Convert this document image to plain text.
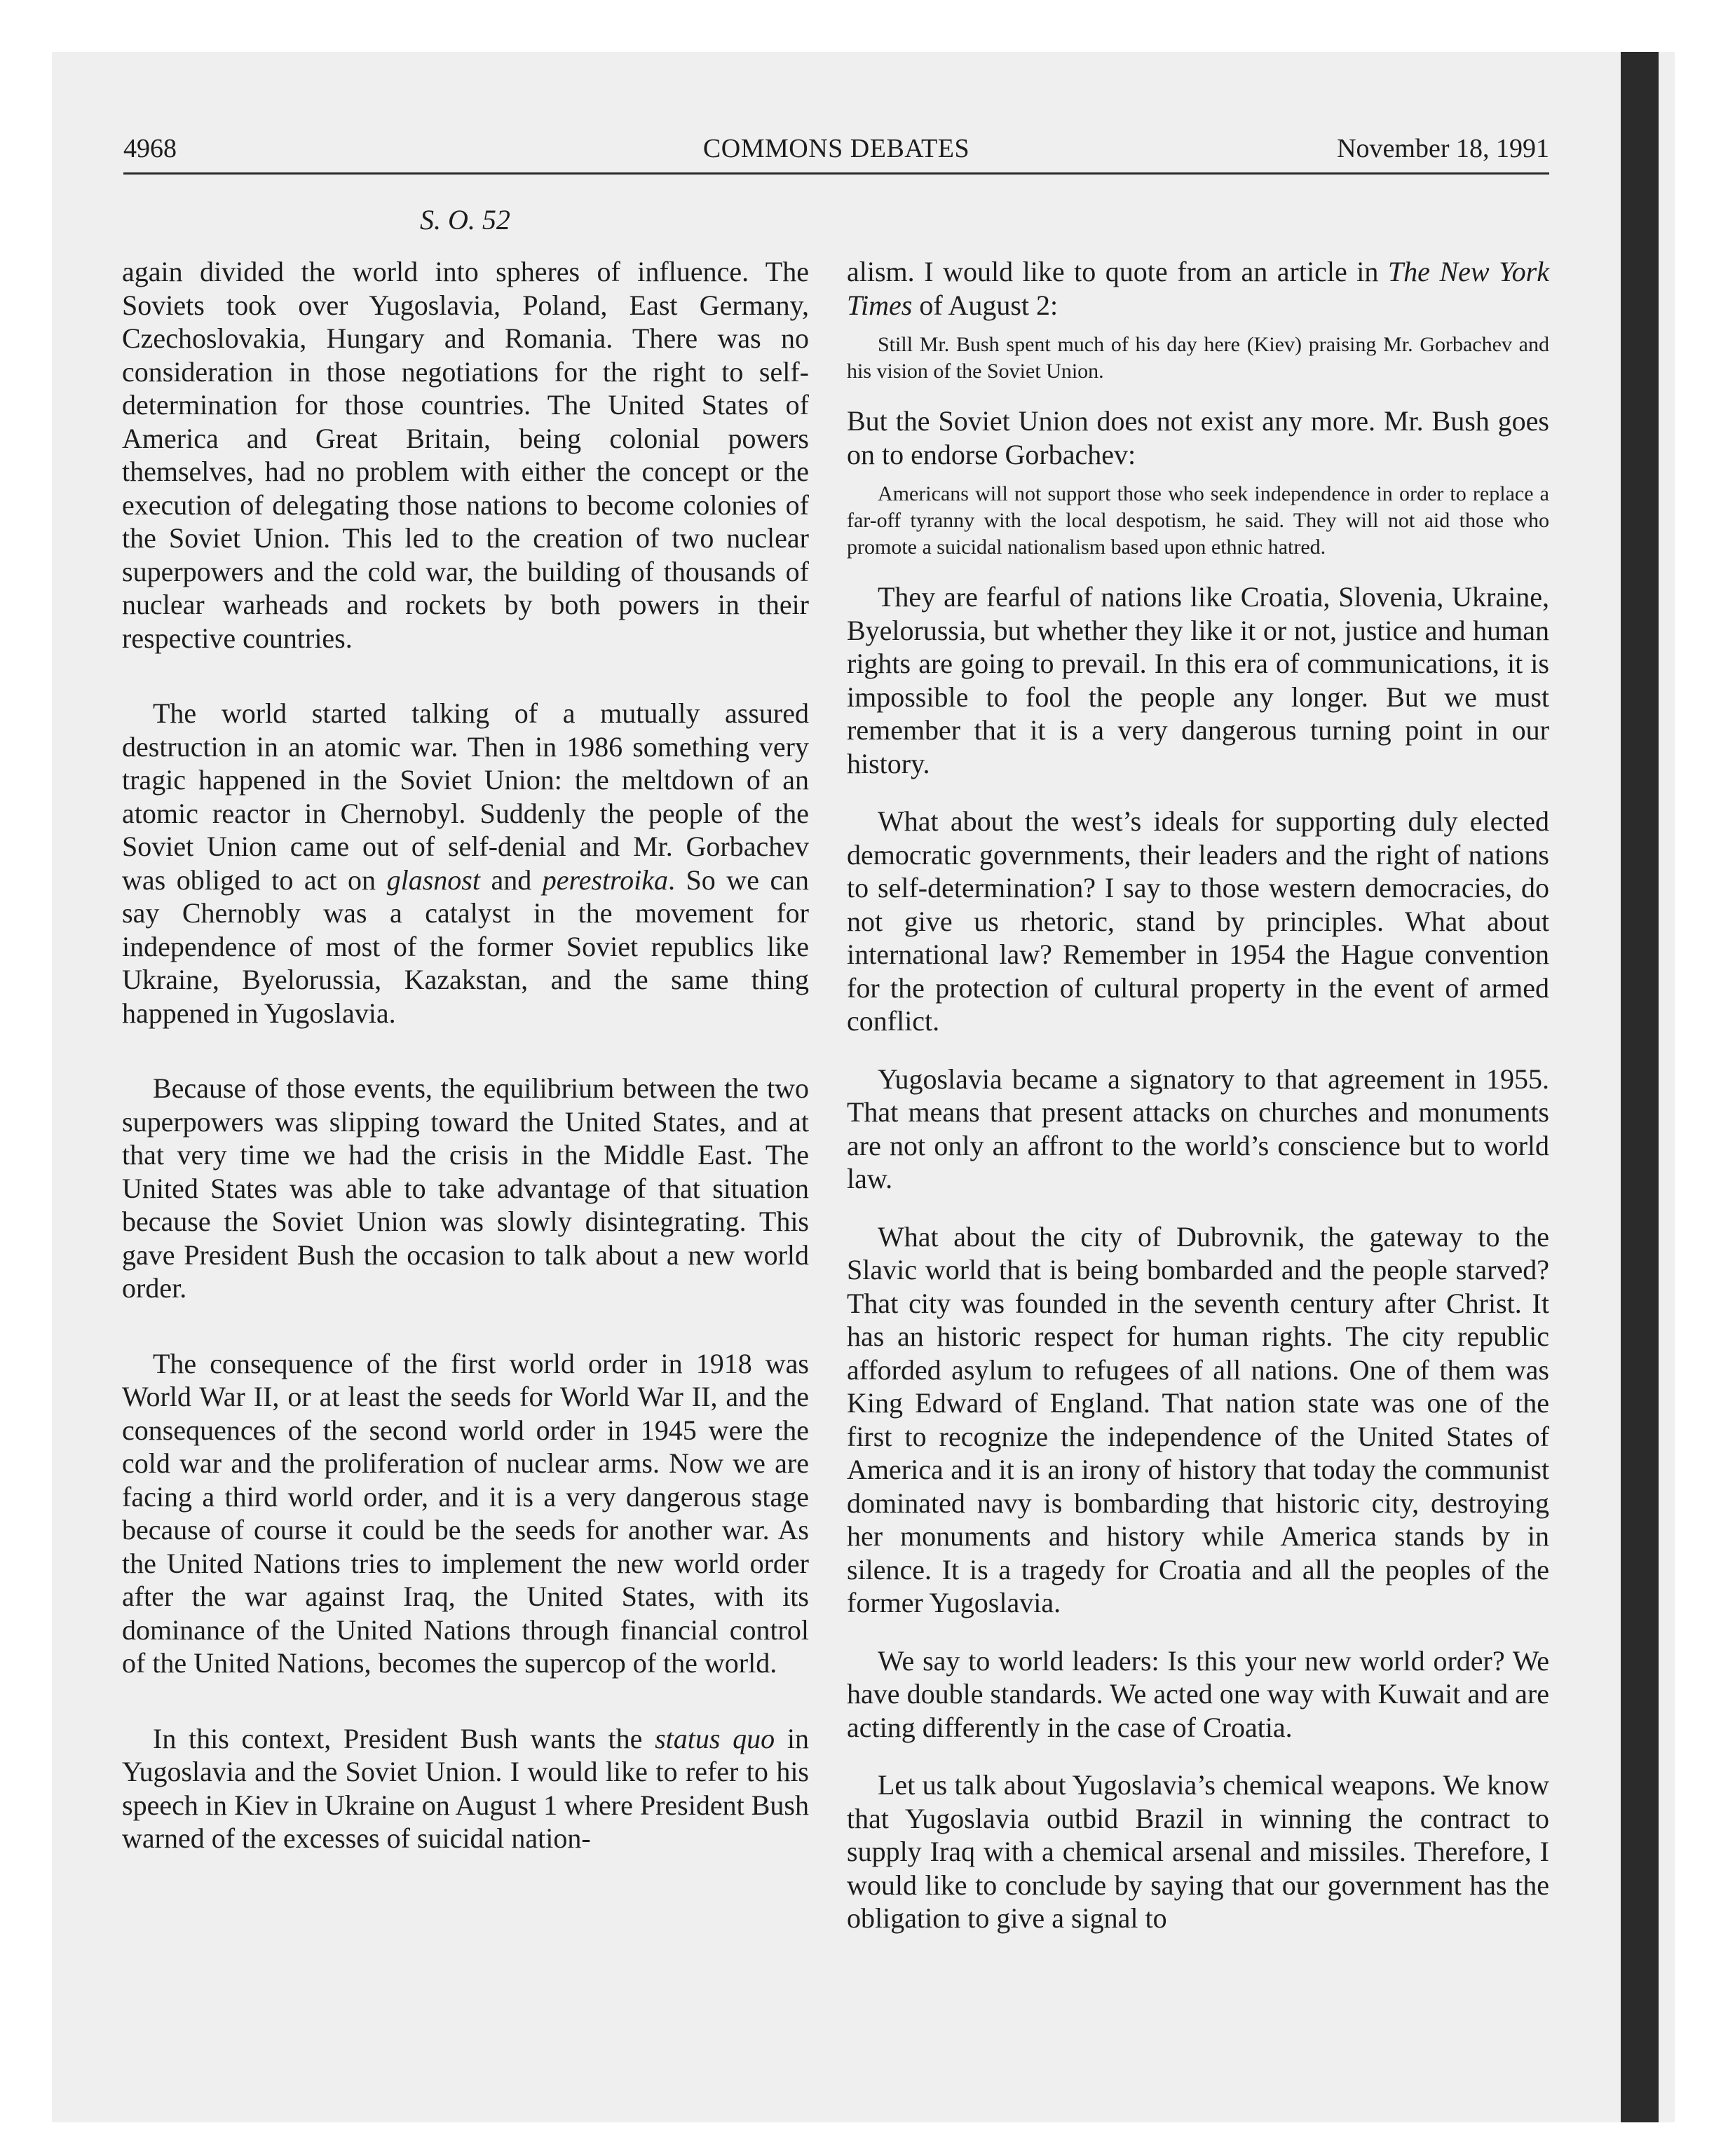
4968	COMMONS DEBATES	November 18, 1991
S. O. 52

again divided the world into spheres of influence. The Soviets took over Yugoslavia, Poland, East Germany, Czechoslovakia, Hungary and Romania. There was no consideration in those negotiations for the right to self-determination for those countries. The United States of America and Great Britain, being colonial powers themselves, had no problem with either the concept or the execution of delegating those nations to become colonies of the Soviet Union. This led to the creation of two nuclear superpowers and the cold war, the building of thousands of nuclear warheads and rockets by both powers in their respective countries.

The world started talking of a mutually assured destruction in an atomic war. Then in 1986 something very tragic happened in the Soviet Union: the meltdown of an atomic reactor in Chernobyl. Suddenly the people of the Soviet Union came out of self-denial and Mr. Gorbachev was obliged to act on glasnost and perestroika. So we can say Chernobly was a catalyst in the movement for independence of most of the former Soviet republics like Ukraine, Byelorussia, Kazakstan, and the same thing happened in Yugoslavia.

Because of those events, the equilibrium between the two superpowers was slipping toward the United States, and at that very time we had the crisis in the Middle East. The United States was able to take advantage of that situation because the Soviet Union was slowly disintegrating. This gave President Bush the occasion to talk about a new world order.

The consequence of the first world order in 1918 was World War II, or at least the seeds for World War II, and the consequences of the second world order in 1945 were the cold war and the proliferation of nuclear arms. Now we are facing a third world order, and it is a very dangerous stage because of course it could be the seeds for another war. As the United Nations tries to implement the new world order after the war against Iraq, the United States, with its dominance of the United Nations through financial control of the United Nations, becomes the supercop of the world.

In this context, President Bush wants the status quo in Yugoslavia and the Soviet Union. I would like to refer to his speech in Kiev in Ukraine on August 1 where President Bush warned of the excesses of suicidal nation-

alism. I would like to quote from an article in The New York Times of August 2:

Still Mr. Bush spent much of his day here (Kiev) praising Mr. Gorbachev and his vision of the Soviet Union.

But the Soviet Union does not exist any more. Mr. Bush goes on to endorse Gorbachev:

Americans will not support those who seek independence in order to replace a far-off tyranny with the local despotism, he said. They will not aid those who promote a suicidal nationalism based upon ethnic hatred.

They are fearful of nations like Croatia, Slovenia, Ukraine, Byelorussia, but whether they like it or not, justice and human rights are going to prevail. In this era of communications, it is impossible to fool the people any longer. But we must remember that it is a very dangerous turning point in our history.

What about the west’s ideals for supporting duly elected democratic governments, their leaders and the right of nations to self-determination? I say to those western democracies, do not give us rhetoric, stand by principles. What about international law? Remember in 1954 the Hague convention for the protection of cultural property in the event of armed conflict.

Yugoslavia became a signatory to that agreement in 1955. That means that present attacks on churches and monuments are not only an affront to the world’s conscience but to world law.

What about the city of Dubrovnik, the gateway to the Slavic world that is being bombarded and the people starved? That city was founded in the seventh century after Christ. It has an historic respect for human rights. The city republic afforded asylum to refugees of all nations. One of them was King Edward of England. That nation state was one of the first to recognize the independence of the United States of America and it is an irony of history that today the communist dominated navy is bombarding that historic city, destroying her monuments and history while America stands by in silence. It is a tragedy for Croatia and all the peoples of the former Yugoslavia.

We say to world leaders: Is this your new world order? We have double standards. We acted one way with Kuwait and are acting differently in the case of Croatia.

Let us talk about Yugoslavia’s chemical weapons. We know that Yugoslavia outbid Brazil in winning the contract to supply Iraq with a chemical arsenal and missiles. Therefore, I would like to conclude by saying that our government has the obligation to give a signal to
